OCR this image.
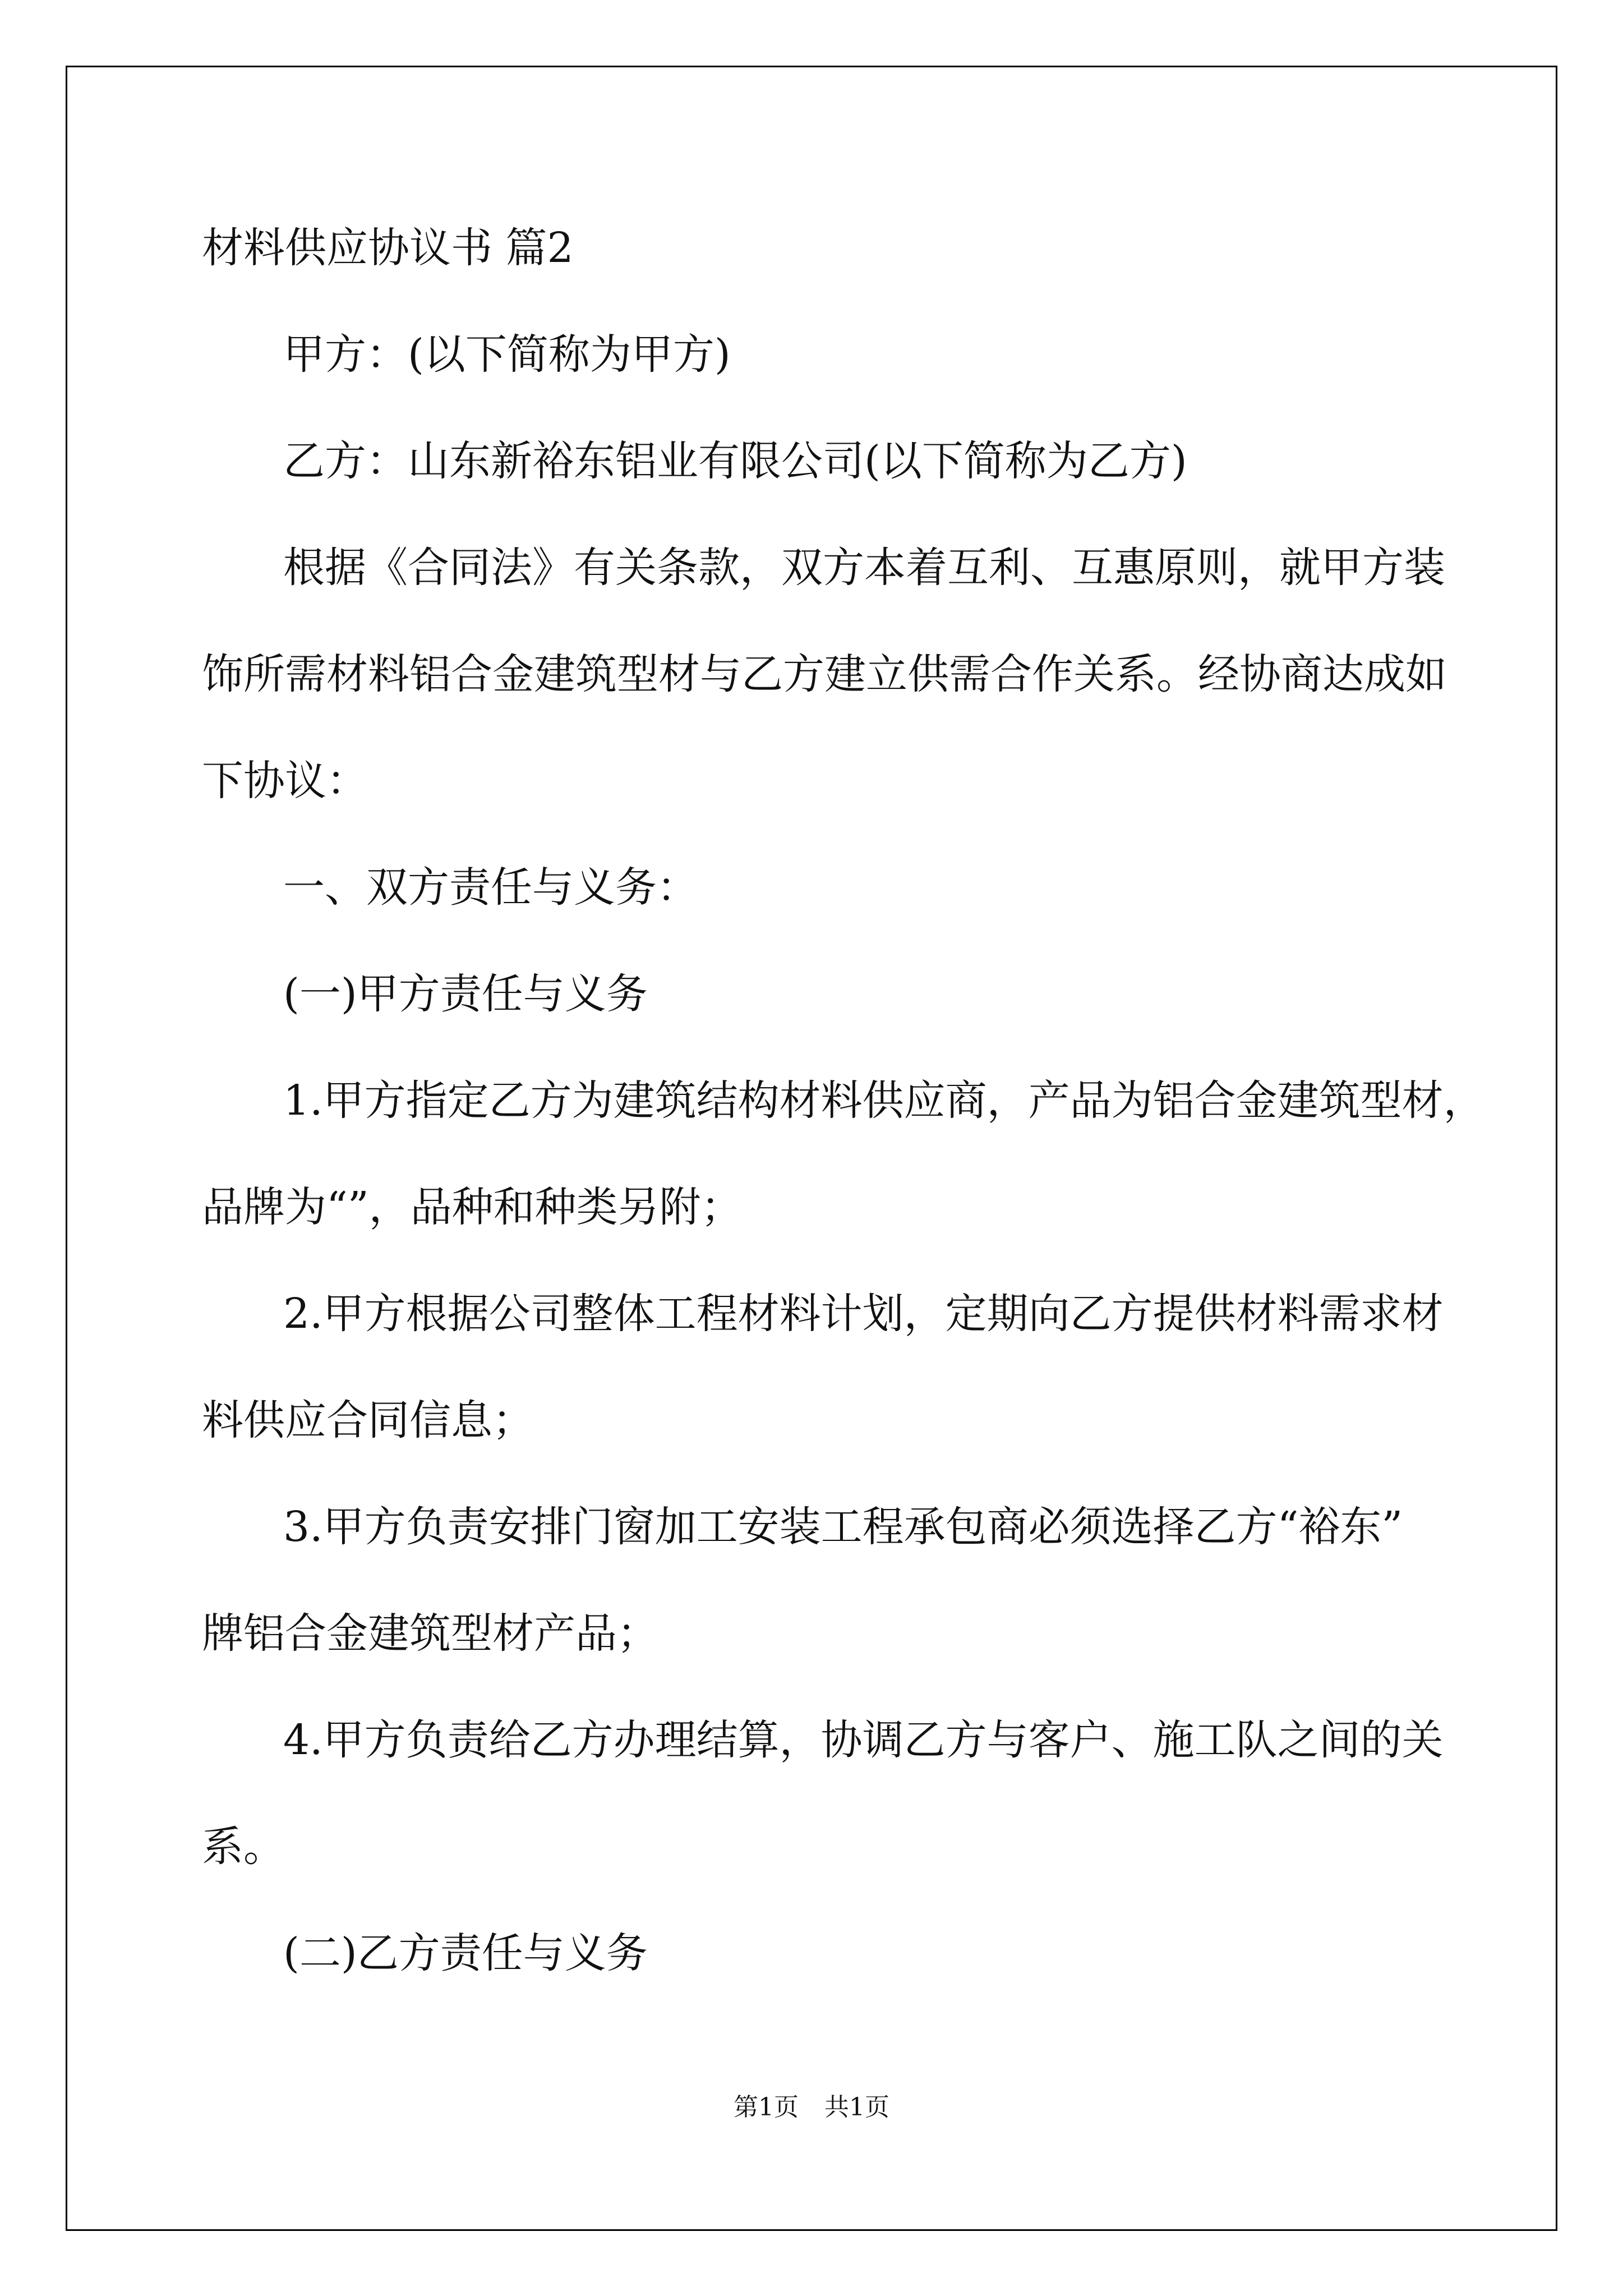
材料供应协议书 篇2
甲方：(以下简称为甲方)
乙方：山东新裕东铝业有限公司(以下简称为乙方)
根据《合同法》有关条款，双方本着互利、互惠原则，就甲方装
饰所需材料铝合金建筑型材与乙方建立供需合作关系。经协商达成如
下协议：
一、双方责任与义务：
(一)甲方责任与义务
1.甲方指定乙方为建筑结构材料供应商，产品为铝合金建筑型材，
品牌为“”，品种和种类另附；
2.甲方根据公司整体工程材料计划，定期向乙方提供材料需求材
料供应合同信息；
3.甲方负责安排门窗加工安装工程承包商必须选择乙方“裕东”
牌铝合金建筑型材产品；
4.甲方负责给乙方办理结算，协调乙方与客户、施工队之间的关
系。
(二)乙方责任与义务
第1页 共1页
